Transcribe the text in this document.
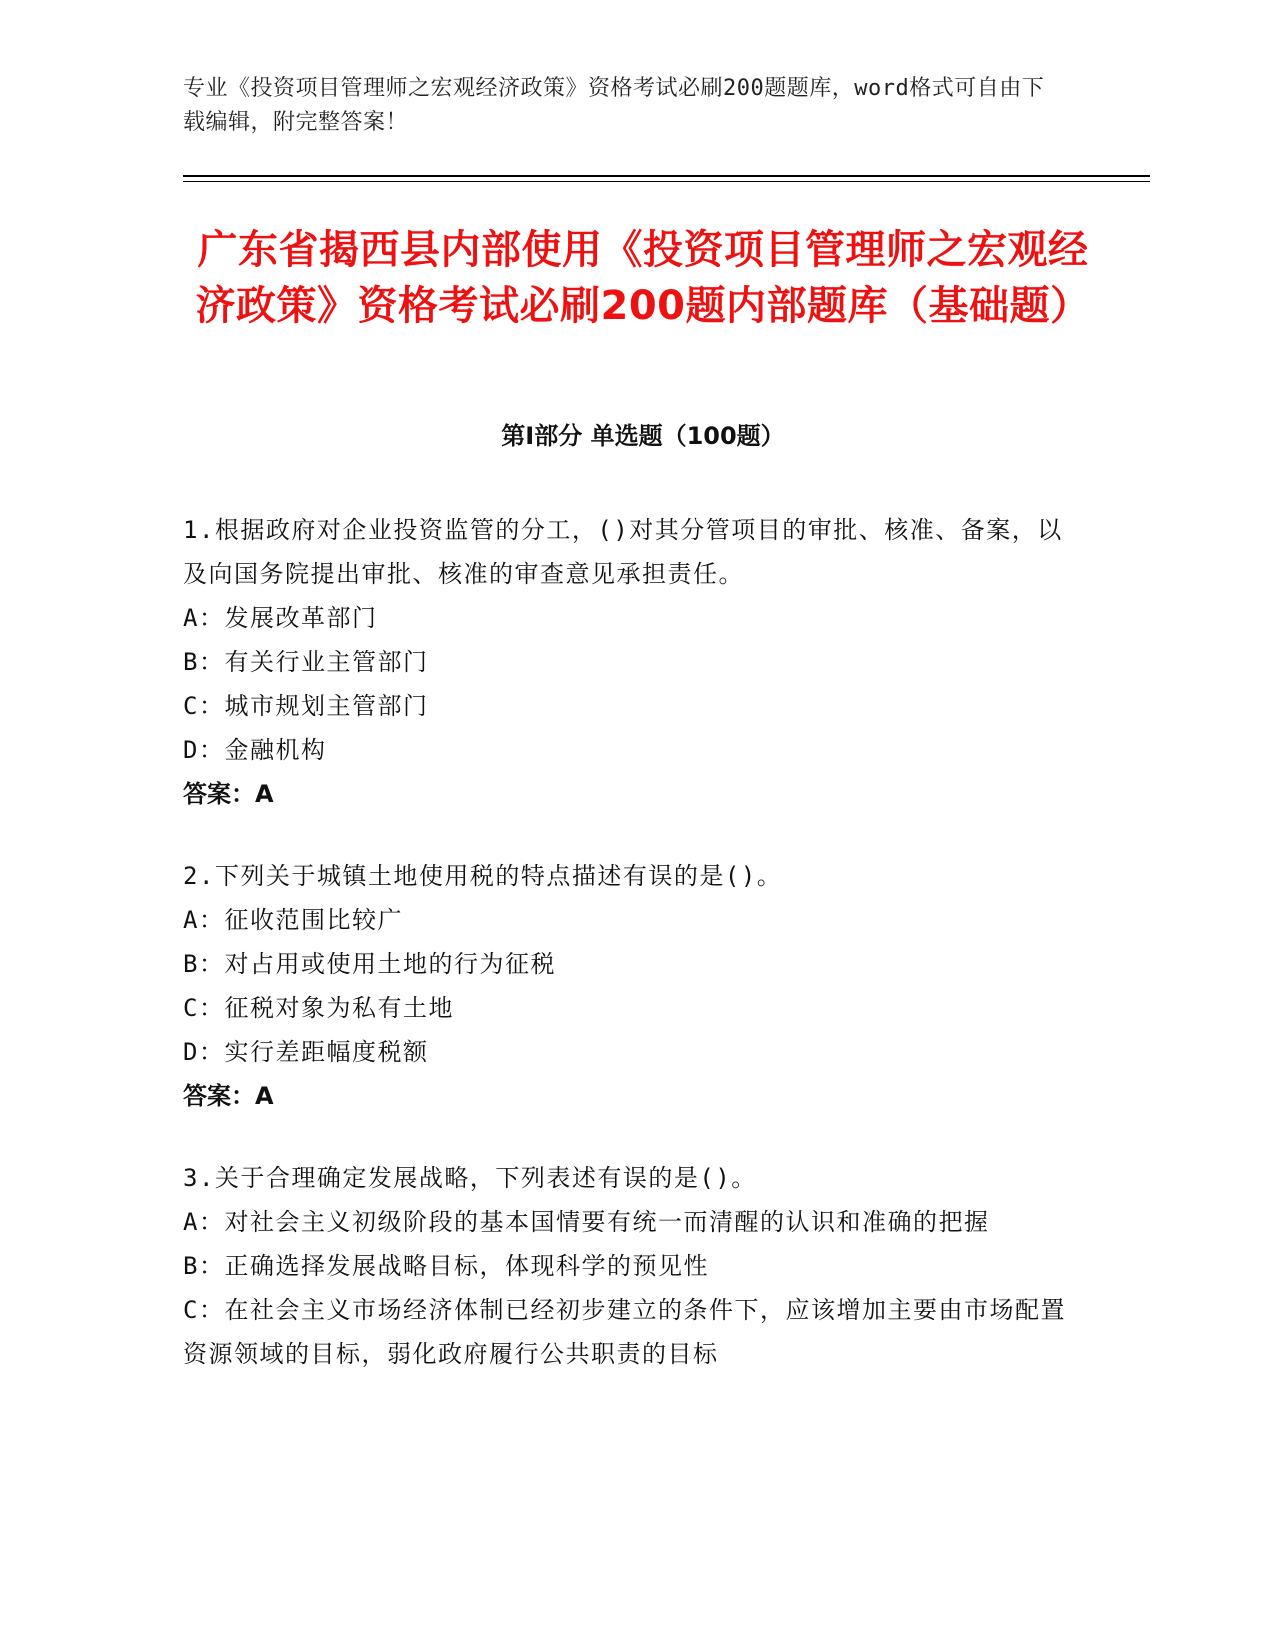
专业《投资项目管理师之宏观经济政策》资格考试必刷200题题库，word格式可自由下载编辑，附完整答案！
广东省揭西县内部使用《投资项目管理师之宏观经济政策》资格考试必刷200题内部题库（基础题）
第I部分 单选题（100题）
1.根据政府对企业投资监管的分工，()对其分管项目的审批、核准、备案，以及向国务院提出审批、核准的审查意见承担责任。
A：发展改革部门
B：有关行业主管部门
C：城市规划主管部门
D：金融机构
答案：A
2.下列关于城镇土地使用税的特点描述有误的是()。
A：征收范围比较广
B：对占用或使用土地的行为征税
C：征税对象为私有土地
D：实行差距幅度税额
答案：A
3.关于合理确定发展战略，下列表述有误的是()。
A：对社会主义初级阶段的基本国情要有统一而清醒的认识和准确的把握
B：正确选择发展战略目标，体现科学的预见性
C：在社会主义市场经济体制已经初步建立的条件下，应该增加主要由市场配置资源领域的目标，弱化政府履行公共职责的目标
